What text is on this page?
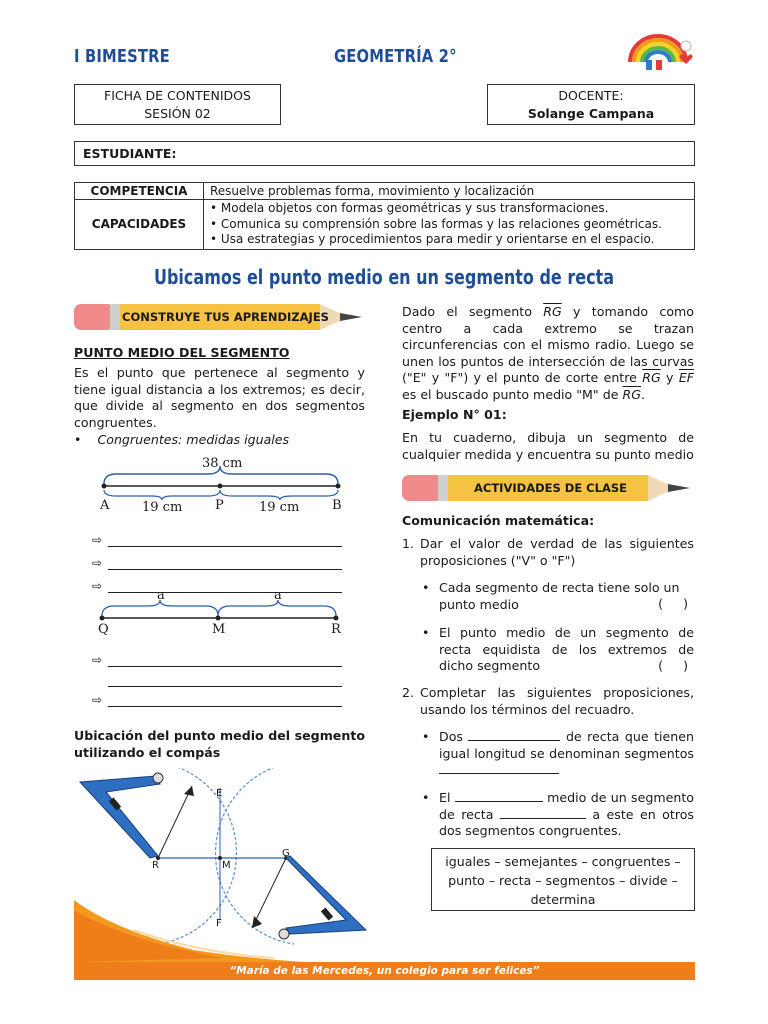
I BIMESTRE	GEOMETRÍA 2°
FICHA DE CONTENIDOS
SESIÓN 02
DOCENTE:
Solange Campana
ESTUDIANTE:
COMPETENCIA	Resuelve problemas forma, movimiento y localización
CAPACIDADES	• Modela objetos con formas geométricas y sus transformaciones.
• Comunica su comprensión sobre las formas y las relaciones geométricas.
• Usa estrategias y procedimientos para medir y orientarse en el espacio.
Ubicamos el punto medio en un segmento de recta
CONSTRUYE TUS APRENDIZAJES
PUNTO MEDIO DEL SEGMENTO
Es el punto que pertenece al segmento y tiene igual distancia a los extremos; es decir, que divide al segmento en dos segmentos congruentes.
•    Congruentes: medidas iguales
38 cm
A	19 cm	P	19 cm	B
⇨
⇨
⇨
a	a
Q	M	R
⇨
⇨
Ubicación del punto medio del segmento utilizando el compás
E
R	M
G
F
Dado el segmento $\overline{RG}$ y tomando como centro a cada extremo se trazan circunferencias con el mismo radio. Luego se unen los puntos de intersección de las curvas ("E" y "F") y el punto de corte entre $\overline{RG}$ y $\overline{EF}$ es el buscado punto medio "M" de $\overline{RG}$.
Ejemplo N° 01:
En tu cuaderno, dibuja un segmento de cualquier medida y encuentra su punto medio
ACTIVIDADES DE CLASE
Comunicación matemática:
1. Dar el valor de verdad de las siguientes proposiciones ("V" o "F")
• Cada segmento de recta tiene solo un punto medio	(     )
• El punto medio de un segmento de recta equidista de los extremos de dicho segmento	(     )
2. Completar las siguientes proposiciones, usando los términos del recuadro.
• Dos	de recta que tienen igual longitud se denominan segmentos
• El	medio de un segmento de recta	a este en otros dos segmentos congruentes.
iguales – semejantes – congruentes – punto – recta – segmentos – divide – determina
“María de las Mercedes, un colegio para ser felices”
